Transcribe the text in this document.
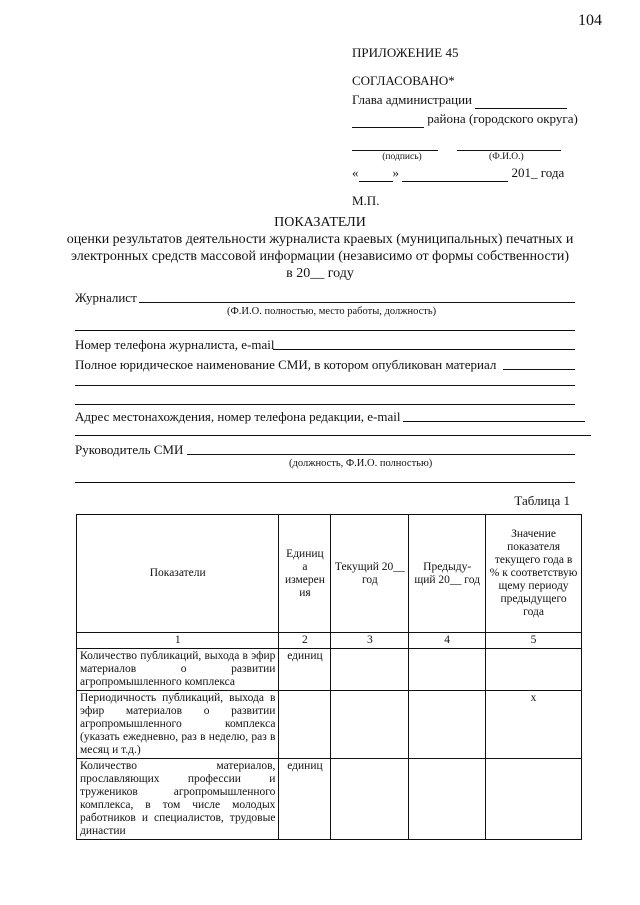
104
ПРИЛОЖЕНИЕ 45
СОГЛАСОВАНО*
Глава администрации
района (городского округа)

(подпись)	(Ф.И.О.)
«	»	201_ года
М.П.
ПОКАЗАТЕЛИ
оценки результатов деятельности журналиста краевых (муниципальных) печатных и
электронных средств массовой информации (независимо от формы собственности)
в 20__ году
Журналист
(Ф.И.О. полностью, место работы, должность)
Номер телефона журналиста, e-mail
Полное юридическое наименование СМИ, в котором опубликован материал
Адрес местонахождения, номер телефона редакции, e-mail
Руководитель СМИ
(должность, Ф.И.О. полностью)
Таблица 1
Показатели	Единиц а измерен ия	Текущий 20__ год	Предыду- щий 20__ год	Значение показателя текущего года в % к соответствую щему периоду предыдущего года
1	2	3	4	5
Количество публикаций, выхода в эфир материалов о развитии агропромышленного комплекса	единиц			
Периодичность публикаций, выхода в эфир материалов о развитии агропромышленного комплекса (указать ежедневно, раз в неделю, раз в месяц и т.д.)				х
Количество материалов, прославляющих профессии и тружеников агропромышленного комплекса, в том числе молодых работников и специалистов, трудовые династии	единиц			
